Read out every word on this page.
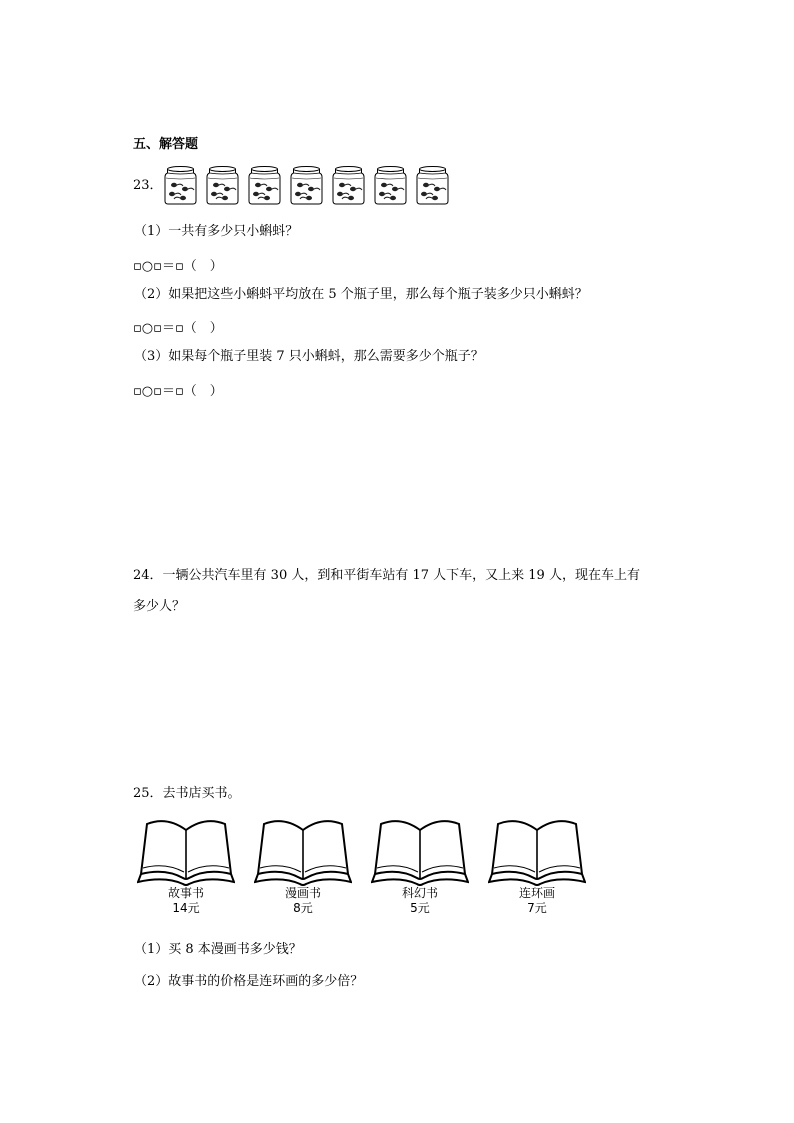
五、解答题
23．
（1）一共有多少只小蝌蚪？
▫○▫＝▫（　）
（2）如果把这些小蝌蚪平均放在 5 个瓶子里，那么每个瓶子装多少只小蝌蚪？
▫○▫＝▫（　）
（3）如果每个瓶子里装 7 只小蝌蚪，那么需要多少个瓶子？
▫○▫＝▫（　）
24．一辆公共汽车里有 30 人，到和平街车站有 17 人下车，又上来 19 人，现在车上有
多少人？
25．去书店买书。
故事书
14元
漫画书
8元
科幻书
5元
连环画
7元
（1）买 8 本漫画书多少钱？
（2）故事书的价格是连环画的多少倍？
